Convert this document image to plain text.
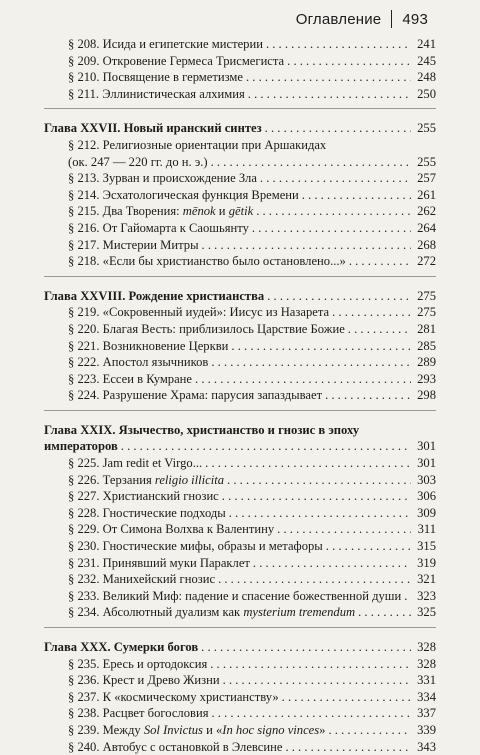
Оглавление 493
§ 208. Исида и египетские мистерии . . .	241
§ 209. Откровение Гермеса Трисмегиста . . .	245
§ 210. Посвящение в герметизме . . .	248
§ 211. Эллинистическая алхимия . . .	250
Глава XXVII. Новый иранский синтез . . .	255
§ 212. Религиозные ориентации при Аршакидах
(ок. 247 — 220 гг. до н. э.) . . .	255
§ 213. Зурван и происхождение Зла . . .	257
§ 214. Эсхатологическая функция Времени . . .	261
§ 215. Два Творения: mēnok и gētik . . .	262
§ 216. От Гайомарта к Саошьянту . . .	264
§ 217. Мистерии Митры . . .	268
§ 218. «Если бы христианство было остановлено...» . . .	272
Глава XXVIII. Рождение христианства . . .	275
§ 219. «Сокровенный иудей»: Иисус из Назарета . . .	275
§ 220. Благая Весть: приблизилось Царствие Божие . . .	281
§ 221. Возникновение Церкви . . .	285
§ 222. Апостол язычников . . .	289
§ 223. Ессеи в Кумране . . .	293
§ 224. Разрушение Храма: парусия запаздывает . . .	298
Глава XXIX. Язычество, христианство и гнозис в эпоху
императоров . . .	301
§ 225. Jam redit et Virgo... . . .	301
§ 226. Терзания religio illicita . . .	303
§ 227. Христианский гнозис . . .	306
§ 228. Гностические подходы . . .	309
§ 229. От Симона Волхва к Валентину . . .	311
§ 230. Гностические мифы, образы и метафоры . . .	315
§ 231. Принявший муки Параклет . . .	319
§ 232. Манихейский гнозис . . .	321
§ 233. Великий Миф: падение и спасение божественной души . . . 323
§ 234. Абсолютный дуализм как mysterium tremendum . . .	325
Глава XXX. Сумерки богов . . .	328
§ 235. Ересь и ортодоксия . . .	328
§ 236. Крест и Древо Жизни . . .	331
§ 237. К «космическому христианству» . . .	334
§ 238. Расцвет богословия . . .	337
§ 239. Между Sol Invictus и «In hoc signo vinces» . . .	339
§ 240. Автобус с остановкой в Элевсине . . .	343
